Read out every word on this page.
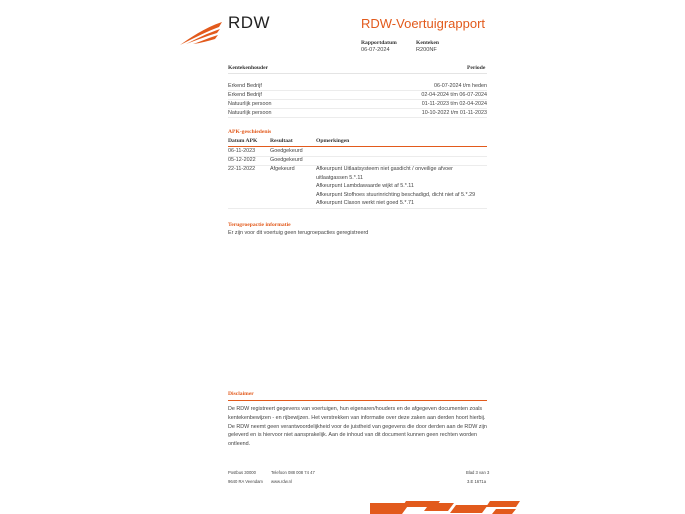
RDW	RDW-Voertuigrapport
Rapportdatum
06-07-2024
Kenteken
R200NF
Kentekenhouder	Periode
Erkend Bedrijf	06-07-2024 t/m heden
Erkend Bedrijf	02-04-2024 t/m 06-07-2024
Natuurlijk persoon	01-11-2023 t/m 02-04-2024
Natuurlijk persoon	10-10-2022 t/m 01-11-2023
APK-geschiedenis
Datum APK Resultaat	Opmerkingen
06-11-2023	Goedgekeurd
05-12-2022	Goedgekeurd
22-11-2022	Afgekeurd	Afkeurpunt Uitlaatsysteem niet gasdicht / onveilige afvoer
uitlaatgassen 5.*.11
Afkeurpunt Lambdawaarde wijkt af 5.*.11
Afkeurpunt Stofhoes stuurinrichting beschadigd, dicht niet af 5.*.29
Afkeurpunt Claxon werkt niet goed 5.*.71
Terugroepactie informatie
Er zijn voor dit voertuig geen terugroepacties geregistreerd
Disclaimer
De RDW registreert gegevens van voertuigen, hun eigenaren/houders en de afgegeven documenten zoals kentekenbewijzen - en rijbewijzen. Het verstrekken van informatie over deze zaken aan derden hoort hierbij. De RDW neemt geen verantwoordelijkheid voor de juistheid van gegevens die door derden aan de RDW zijn geleverd en is hiervoor niet aansprakelijk. Aan de inhoud van dit document kunnen geen rechten worden ontleend.
Postbus 30000
9640 RA Veendam
Telefoon 088 008 74 47
www.rdw.nl
Blad 3 van 3
3.E 1671a
